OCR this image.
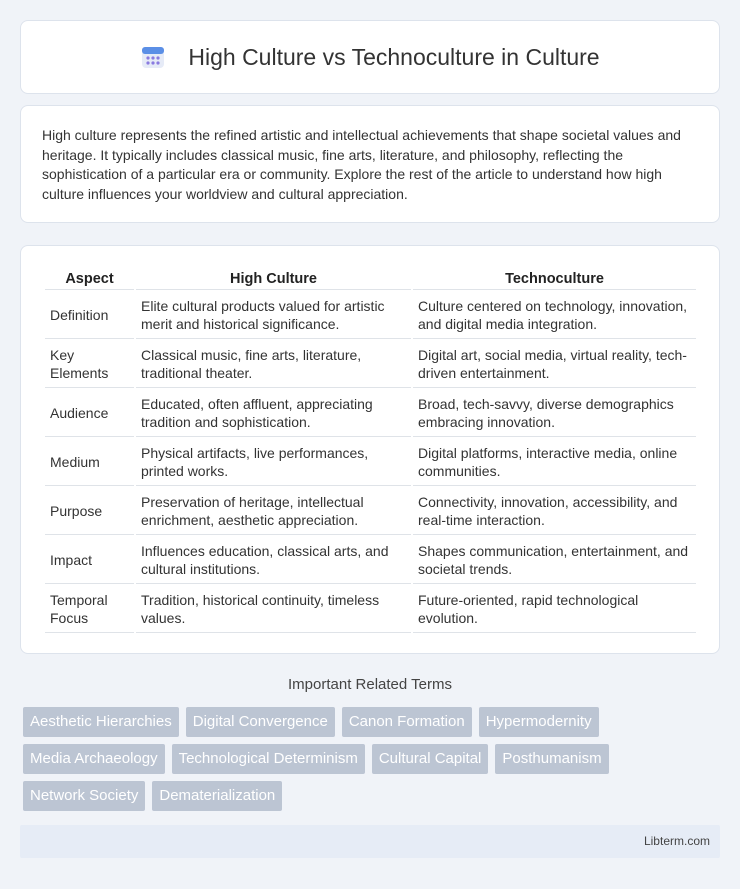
High Culture vs Technoculture in Culture

High culture represents the refined artistic and intellectual achievements that shape societal values and heritage. It typically includes classical music, fine arts, literature, and philosophy, reflecting the sophistication of a particular era or community. Explore the rest of the article to understand how high culture influences your worldview and cultural appreciation.

Aspect	High Culture	Technoculture
Definition	Elite cultural products valued for artistic merit and historical significance.	Culture centered on technology, innovation, and digital media integration.
Key Elements	Classical music, fine arts, literature, traditional theater.	Digital art, social media, virtual reality, tech-driven entertainment.
Audience	Educated, often affluent, appreciating tradition and sophistication.	Broad, tech-savvy, diverse demographics embracing innovation.
Medium	Physical artifacts, live performances, printed works.	Digital platforms, interactive media, online communities.
Purpose	Preservation of heritage, intellectual enrichment, aesthetic appreciation.	Connectivity, innovation, accessibility, and real-time interaction.
Impact	Influences education, classical arts, and cultural institutions.	Shapes communication, entertainment, and societal trends.
Temporal Focus	Tradition, historical continuity, timeless values.	Future-oriented, rapid technological evolution.
Important Related Terms
Aesthetic Hierarchies	Digital Convergence	Canon Formation	Hypermodernity
Media Archaeology	Technological Determinism	Cultural Capital	Posthumanism
Network Society	Dematerialization
Libterm.com
